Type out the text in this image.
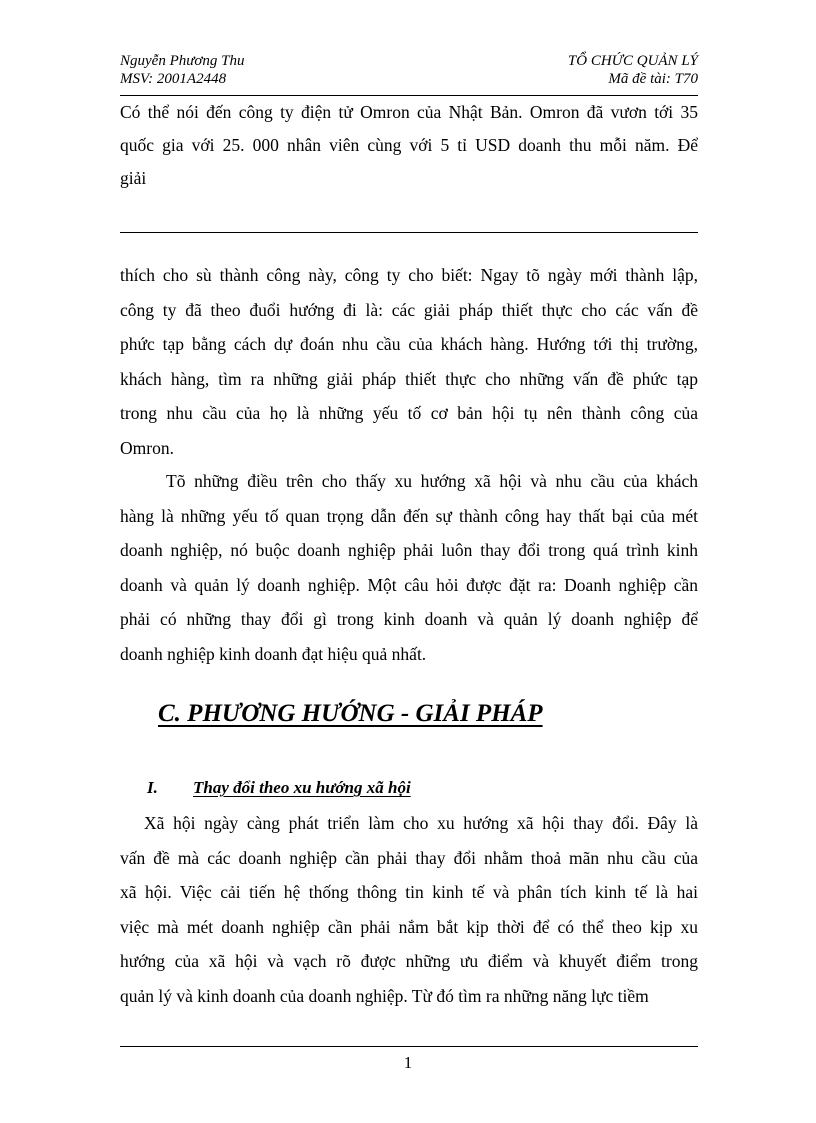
Nguyễn Phương Thu
MSV: 2001A2448
TỔ CHỨC QUẢN LÝ
Mã đề tài: T70
Có thể nói đến công ty điện tử Omron của Nhật Bản. Omron đã vươn tới 35
quốc gia với 25. 000 nhân viên cùng với 5 tỉ USD doanh thu mỗi năm. Để
giải
thích cho sù thành công này, công ty cho biết: Ngay tõ ngày mới thành lập,
công ty đã theo đuổi hướng đi là: các giải pháp thiết thực cho các vấn đề
phức tạp bằng cách dự đoán nhu cầu của khách hàng. Hướng tới thị trường,
khách hàng, tìm ra những giải pháp thiết thực cho những vấn đề phức tạp
trong nhu cầu của họ là những yếu tố cơ bản hội tụ nên thành công của
Omron.
Tõ những điều trên cho thấy xu hướng xã hội và nhu cầu của khách
hàng là những yếu tố quan trọng dẫn đến sự thành công hay thất bại của mét
doanh nghiệp, nó buộc doanh nghiệp phải luôn thay đổi trong quá trình kinh
doanh và quản lý doanh nghiệp. Một câu hỏi được đặt ra: Doanh nghiệp cần
phải có những thay đổi gì trong kinh doanh và quản lý doanh nghiệp để
doanh nghiệp kinh doanh đạt hiệu quả nhất.
C. PHƯƠNG HƯỚNG - GIẢI PHÁP
I. Thay đổi theo xu hướng xã hội
Xã hội ngày càng phát triển làm cho xu hướng xã hội thay đổi. Đây là
vấn đề mà các doanh nghiệp cần phải thay đổi nhằm thoả mãn nhu cầu của
xã hội. Việc cải tiến hệ thống thông tin kinh tế và phân tích kinh tế là hai
việc mà mét doanh nghiệp cần phải nắm bắt kịp thời để có thể theo kịp xu
hướng của xã hội và vạch rõ được những ưu điểm và khuyết điểm trong
quản lý và kinh doanh của doanh nghiệp. Từ đó tìm ra những năng lực tiềm
1
